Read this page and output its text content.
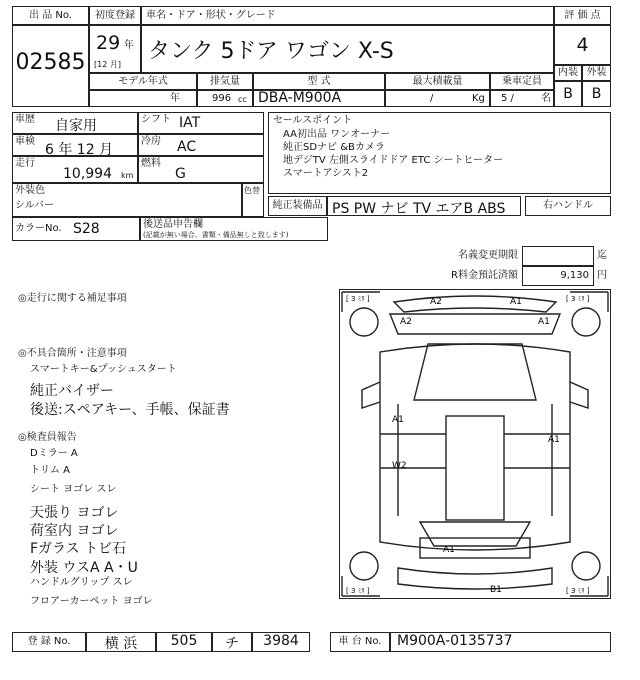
出 品 No.
02585
初度登録
29 年
[12 月]
車名・ドア・形状・グレード
タンク 5ドア ワゴン X-S
評 価 点
4
内装 外装
B	B
モデル年式
年
排気量
996 cc
型 式
DBA-M900A
最大積載量
/	Kg
乗車定員
5 /	名
車歴 自家用
車検
6 年 12 月
走行
10,994 km
シフト IAT
冷房 AC
燃料
G
外装色
シルバー
色替
カラーNo. S28	後送品申告欄
(記載が無い場合、書類・備品無しと致します)
セールスポイント
AA初出品 ワンオーナー
純正SDナビ &Bカメラ
地デジTV 左側スライドドア ETC シートヒーター
スマートアシスト2
純正装備品 PS PW ナビ TV エアB ABS	右ハンドル
名義変更期限	迄
R料金預託済額	9,130 円
◎走行に関する補足事項
◎不具合箇所・注意事項
スマートキー&プッシュスタート
純正バイザー
後送:スペアキー、手帳、保証書
◎検査員報告
Dミラー A
トリム A
シート ヨゴレ スレ
天張り ヨゴレ
荷室内 ヨゴレ
Fガラス トビ石
外装 ウスA A・U
ハンドルグリップ スレ
フロアーカーペット ヨゴレ
[ 3 ﾐﾘ ]	[ 3 ﾐﾘ ]
[ 3 ﾐﾘ ]	[ 3 ﾐﾘ ]
A2	A1
A2	A1
A1
W2
A1
A1
B1
登 録 No.	横 浜	505	チ	3984	車 台 No.	M900A-0135737
